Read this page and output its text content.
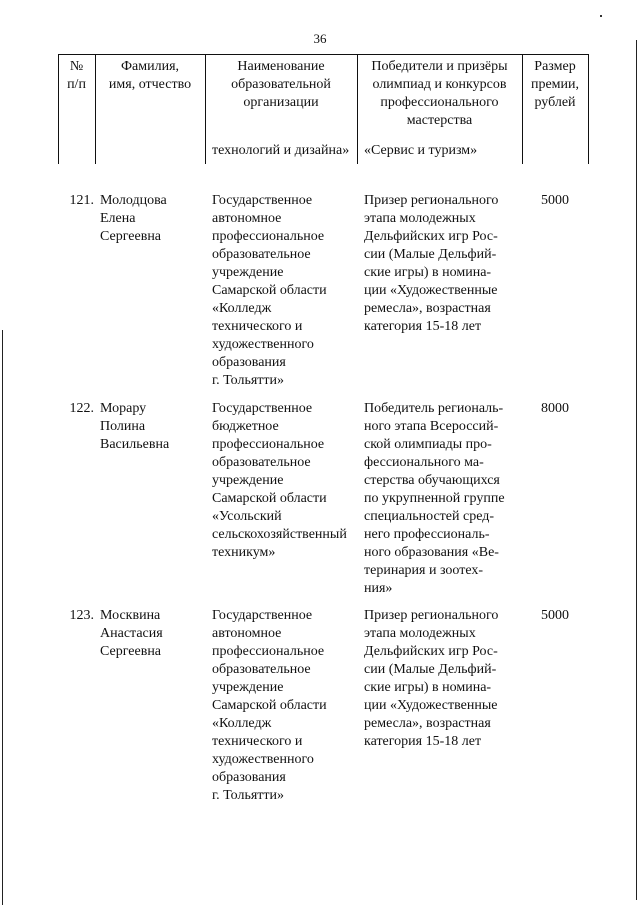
36
№
п/п
Фамилия,
имя, отчество
Наименование
образовательной
организации
Победители и призёры
олимпиад и конкурсов
профессионального
мастерства
Размер
премии,
рублей
технологий и дизайна»	«Сервис и туризм»
121. Молодцова
Елена
Сергеевна
Государственное
автономное
профессиональное
образовательное
учреждение
Самарской области
«Колледж
технического и
художественного
образования
г. Тольятти»
Призер регионального
этапа молодежных
Дельфийских игр Рос-
сии (Малые Дельфий-
ские игры) в номина-
ции «Художественные
ремесла», возрастная
категория 15-18 лет
5000
122. Морару
Полина
Васильевна
Государственное
бюджетное
профессиональное
образовательное
учреждение
Самарской области
«Усольский
сельскохозяйственный
техникум»
Победитель региональ-
ного этапа Всероссий-
ской олимпиады про-
фессионального ма-
стерства обучающихся
по укрупненной группе
специальностей сред-
него профессиональ-
ного образования «Ве-
теринария и зоотех-
ния»
8000
123. Москвина
Анастасия
Сергеевна
Государственное
автономное
профессиональное
образовательное
учреждение
Самарской области
«Колледж
технического и
художественного
образования
г. Тольятти»
Призер регионального
этапа молодежных
Дельфийских игр Рос-
сии (Малые Дельфий-
ские игры) в номина-
ции «Художественные
ремесла», возрастная
категория 15-18 лет
5000
